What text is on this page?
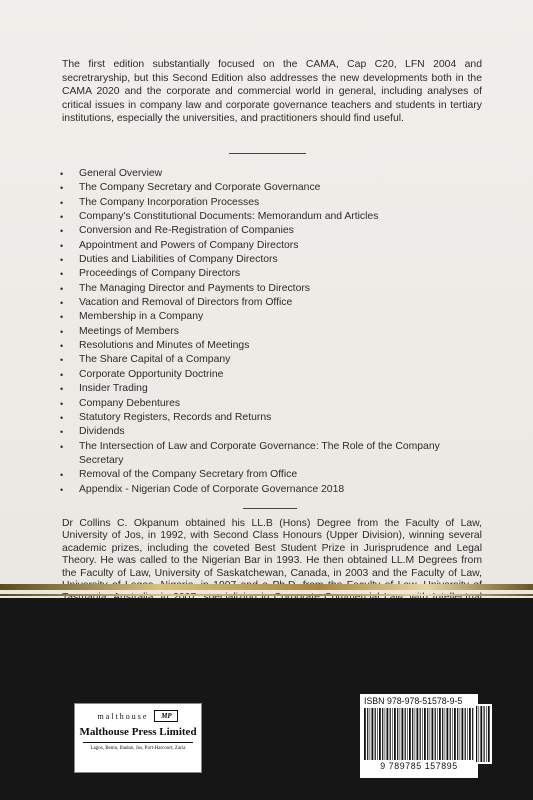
The first edition substantially focused on the CAMA, Cap C20, LFN 2004 and secretraryship, but this Second Edition also addresses the new developments both in the CAMA 2020 and the corporate and commercial world in general, including analyses of critical issues in company law and corporate governance teachers and students in tertiary institutions, especially the universities, and practitioners should find useful.

• General Overview
• The Company Secretary and Corporate Governance
• The Company Incorporation Processes
• Company's Constitutional Documents: Memorandum and Articles
• Conversion and Re-Registration of Companies
• Appointment and Powers of Company Directors
• Duties and Liabilities of Company Directors
• Proceedings of Company Directors
• The Managing Director and Payments to Directors
• Vacation and Removal of Directors from Office
• Membership in a Company
• Meetings of Members
• Resolutions and Minutes of Meetings
• The Share Capital of a Company
• Corporate Opportunity Doctrine
• Insider Trading
• Company Debentures
• Statutory Registers, Records and Returns
• Dividends
• The Intersection of Law and Corporate Governance: The Role of the Company Secretary
• Removal of the Company Secretary from Office
• Appendix - Nigerian Code of Corporate Governance 2018

Dr Collins C. Okpanum obtained his LL.B (Hons) Degree from the Faculty of Law, University of Jos, in 1992, with Second Class Honours (Upper Division), winning several academic prizes, including the coveted Best Student Prize in Jurisprudence and Legal Theory. He was called to the Nigerian Bar in 1993. He then obtained LL.M Degrees from the Faculty of Law, University of Saskatchewan, Canada, in 2003 and the Faculty of Law,

malthouse	MP
Malthouse Press Limited
Lagos, Benin, Ibadan, Jos, Port-Harcourt, Zaria
ISBN 978-978-51578-9-5
9 789785 157895
